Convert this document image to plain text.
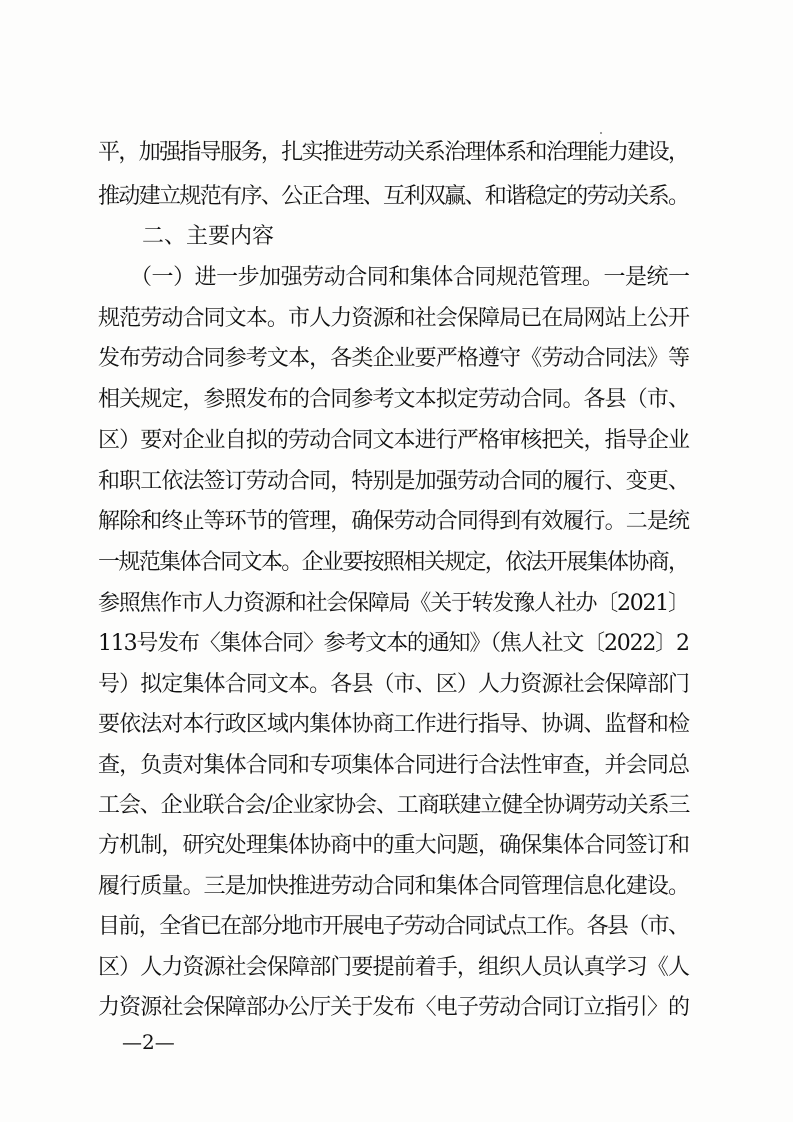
平，加强指导服务，扎实推进劳动关系治理体系和治理能力建设，
推动建立规范有序、公正合理、互利双赢、和谐稳定的劳动关系。
　　二、主要内容
　　（一）进一步加强劳动合同和集体合同规范管理。一是统一
规范劳动合同文本。市人力资源和社会保障局已在局网站上公开
发布劳动合同参考文本，各类企业要严格遵守《劳动合同法》等
相关规定，参照发布的合同参考文本拟定劳动合同。各县（市、
区）要对企业自拟的劳动合同文本进行严格审核把关，指导企业
和职工依法签订劳动合同，特别是加强劳动合同的履行、变更、
解除和终止等环节的管理，确保劳动合同得到有效履行。二是统
一规范集体合同文本。企业要按照相关规定，依法开展集体协商，
参照焦作市人力资源和社会保障局《关于转发豫人社办〔2021〕
113号发布〈集体合同〉参考文本的通知》（焦人社文〔2022〕2
号）拟定集体合同文本。各县（市、区）人力资源社会保障部门
要依法对本行政区域内集体协商工作进行指导、协调、监督和检
查，负责对集体合同和专项集体合同进行合法性审查，并会同总
工会、企业联合会/企业家协会、工商联建立健全协调劳动关系三
方机制，研究处理集体协商中的重大问题，确保集体合同签订和
履行质量。三是加快推进劳动合同和集体合同管理信息化建设。
目前，全省已在部分地市开展电子劳动合同试点工作。各县（市、
区）人力资源社会保障部门要提前着手，组织人员认真学习《人
力资源社会保障部办公厅关于发布〈电子劳动合同订立指引〉的
—2—
